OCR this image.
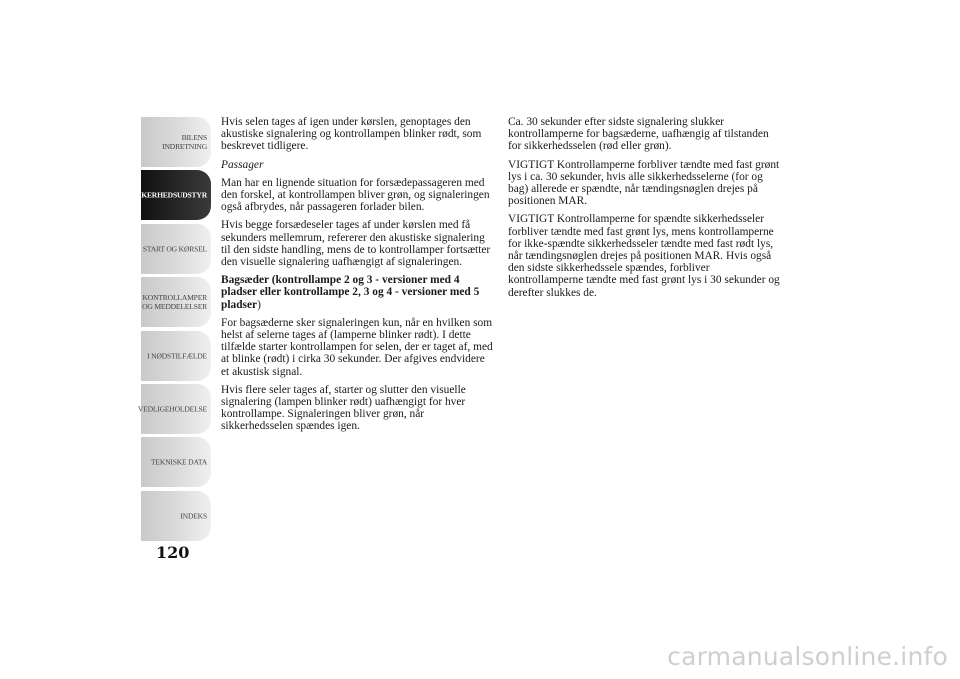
BILENS
INDRETNING
SIKKERHEDSUDSTYR
START OG KØRSEL
KONTROLLAMPER
OG MEDDELELSER
I NØDSTILFÆLDE
VEDLIGEHOLDELSE
TEKNISKE DATA
INDEKS
120

Hvis selen tages af igen under kørslen, genoptages den akustiske signalering og kontrollampen blinker rødt, som beskrevet tidligere.

Passager

Man har en lignende situation for forsædepassageren med den forskel, at kontrollampen bliver grøn, og signaleringen også afbrydes, når passageren forlader bilen.

Hvis begge forsædeseler tages af under kørslen med få sekunders mellemrum, refererer den akustiske signalering til den sidste handling, mens de to kontrollamper fortsætter den visuelle signalering uafhængigt af signaleringen.

Bagsæder (kontrollampe 2 og 3 - versioner med 4 pladser eller kontrollampe 2, 3 og 4 - versioner med 5 pladser)

For bagsæderne sker signaleringen kun, når en hvilken som helst af selerne tages af (lamperne blinker rødt). I dette tilfælde starter kontrollampen for selen, der er taget af, med at blinke (rødt) i cirka 30 sekunder. Der afgives endvidere et akustisk signal.

Hvis flere seler tages af, starter og slutter den visuelle signalering (lampen blinker rødt) uafhængigt for hver kontrollampe. Signaleringen bliver grøn, når sikkerhedsselen spændes igen.

Ca. 30 sekunder efter sidste signalering slukker kontrollamperne for bagsæderne, uafhængig af tilstanden for sikkerhedsselen (rød eller grøn).

VIGTIGT Kontrollamperne forbliver tændte med fast grønt lys i ca. 30 sekunder, hvis alle sikkerhedsselerne (for og bag) allerede er spændte, når tændingsnøglen drejes på positionen MAR.

VIGTIGT Kontrollamperne for spændte sikkerhedsseler forbliver tændte med fast grønt lys, mens kontrollamperne for ikke-spændte sikkerhedsseler tændte med fast rødt lys, når tændingsnøglen drejes på positionen MAR. Hvis også den sidste sikkerhedssele spændes, forbliver kontrollamperne tændte med fast grønt lys i 30 sekunder og derefter slukkes de.

carmanualsonline.info
